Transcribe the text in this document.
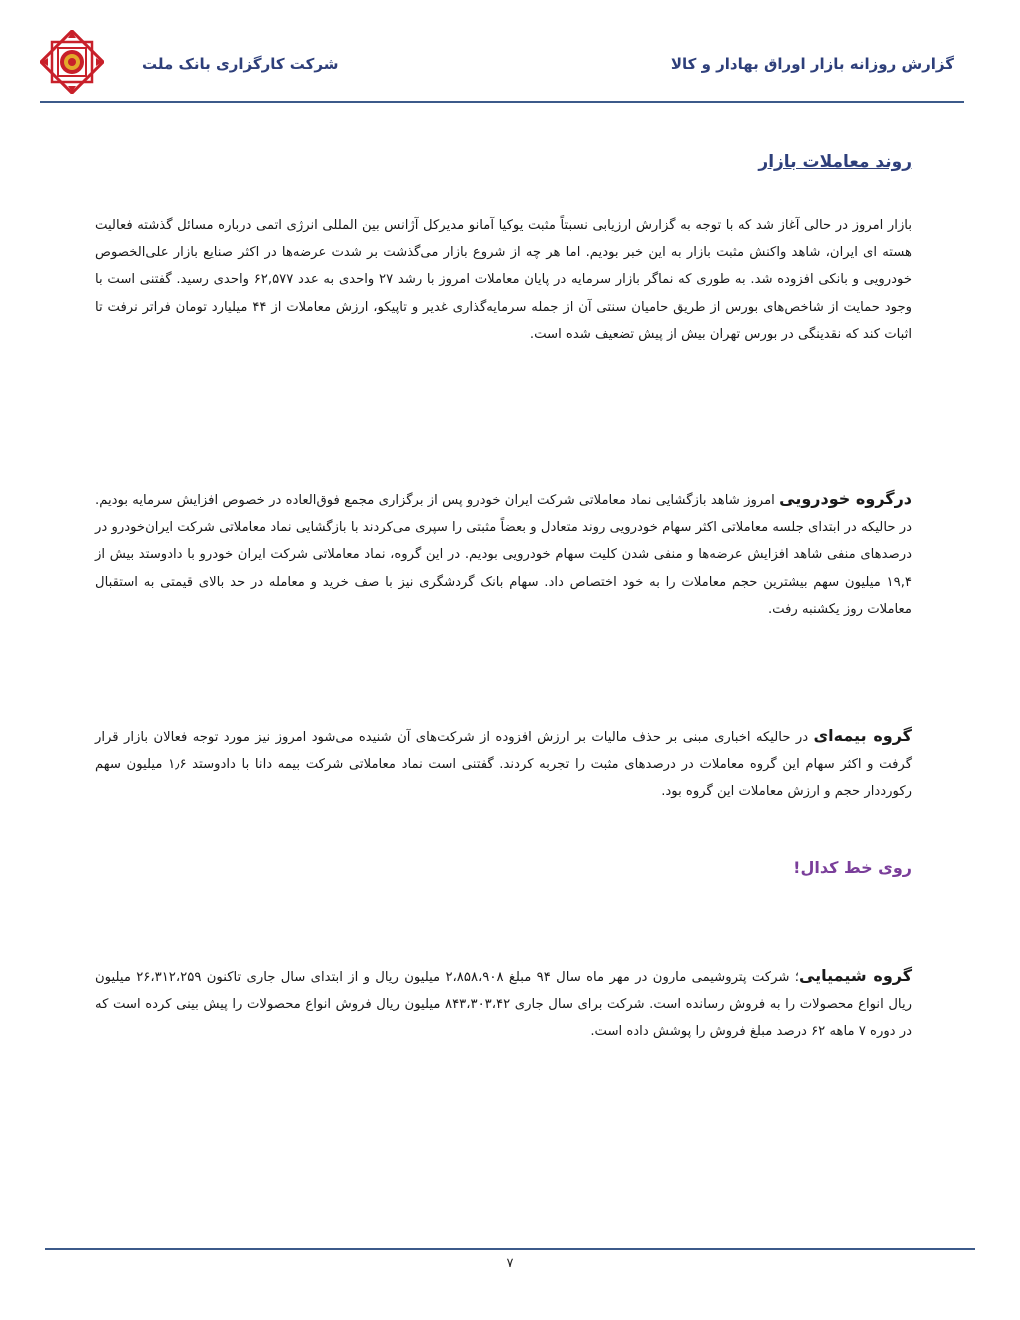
گزارش روزانه بازار اوراق بهادار و کالا
شرکت کارگزاری بانک ملت
روند معاملات بازار
بازار امروز در حالی آغاز شد که با توجه به گزارش ارزیابی نسبتاً مثبت یوکیا آمانو مدیرکل آژانس بین المللی انرژی اتمی درباره مسائل گذشته فعالیت هسته ای ایران، شاهد واکنش مثبت بازار به این خبر بودیم. اما هر چه از شروع بازار می‌گذشت بر شدت عرضه‌ها در اکثر صنایع بازار علی‌الخصوص خودرویی و بانکی افزوده شد. به طوری که نماگر بازار سرمایه در پایان معاملات امروز با رشد ۲۷ واحدی به عدد ۶۲,۵۷۷ واحدی رسید. گفتنی است با وجود حمایت از شاخص‌های بورس از طریق حامیان سنتی آن از جمله سرمایه‌گذاری غدیر و تاپیکو، ارزش معاملات از ۴۴ میلیارد تومان فراتر نرفت تا اثبات کند که نقدینگی در بورس تهران بیش از پیش تضعیف شده است.
درگروه خودرویی امروز شاهد بازگشایی نماد معاملاتی شرکت ایران خودرو پس از برگزاری مجمع فوق‌العاده در خصوص افزایش سرمایه بودیم. در حالیکه در ابتدای جلسه معاملاتی اکثر سهام خودرویی روند متعادل و بعضاً مثبتی را سپری می‌کردند با بازگشایی نماد معاملاتی شرکت ایران‌خودرو در درصدهای منفی شاهد افزایش عرضه‌ها و منفی شدن کلیت سهام خودرویی بودیم. در این گروه، نماد معاملاتی شرکت ایران خودرو با دادوستد بیش از ۱۹,۴ میلیون سهم بیشترین حجم معاملات را به خود اختصاص داد. سهام بانک گردشگری نیز با صف خرید و معامله در حد بالای قیمتی به استقبال معاملات روز یکشنبه رفت.
گروه بیمه‌ای در حالیکه اخباری مبنی بر حذف مالیات بر ارزش افزوده از شرکت‌های آن شنیده می‌شود امروز نیز مورد توجه فعالان بازار قرار گرفت و اکثر سهام این گروه معاملات در درصدهای مثبت را تجربه کردند. گفتنی است نماد معاملاتی شرکت بیمه دانا با دادوستد ۱٫۶ میلیون سهم رکورددار حجم و ارزش معاملات این گروه بود.
روی خط کدال!
گروه شیمیایی؛ شرکت پتروشیمی مارون در مهر ماه سال ۹۴ مبلغ ۲،۸۵۸،۹۰۸ میلیون ریال و از ابتدای سال جاری تاکنون ۲۶،۳۱۲،۲۵۹ میلیون ریال انواع محصولات را به فروش رسانده است. شرکت برای سال جاری ۸۴۳،۳۰۳،۴۲ میلیون ریال فروش انواع محصولات را پیش بینی کرده است که در دوره ۷ ماهه ۶۲ درصد مبلغ فروش را پوشش داده است.
۷
